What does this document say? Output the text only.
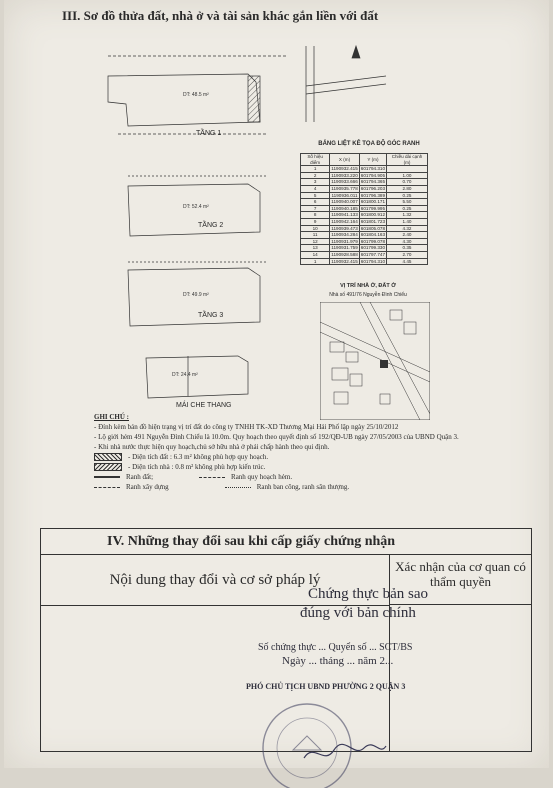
III. Sơ đồ thửa đất, nhà ở và tài sản khác gắn liền với đất
DT: 48.5 m²
DT: 52.4 m²
DT: 49.9 m²
DT: 24.4 m²
TẦNG 1
TẦNG 2
TẦNG 3
MÁI CHE THANG
BẢNG LIỆT KÊ TỌA ĐỘ GÓC RANH
Số hiệu điểm	X (m)	Y (m)	Chiều dài cạnh (m)
1	1190932.415	601794.310	
2	1190933.220	601794.905	1.00
3	1190933.666	601794.365	0.70
4	1190935.778	601796.203	2.80
5	1190936.011	601796.389	0.25
6	1190940.007	601800.171	5.50
7	1190940.185	601799.995	0.25
8	1190941.133	601800.912	1.32
9	1190942.164	601801.723	1.40
10	1190939.473	601805.078	4.32
11	1190934.284	601804.163	2.40
12	1190931.979	601799.078	4.30
13	1190931.759	601799.330	0.35
14	1190928.588	601797.747	2.70
1	1190932.415	601794.310	4.45
VỊ TRÍ NHÀ Ở, ĐẤT Ở
Nhà số 491/76 Nguyễn Đình Chiểu
GHI CHÚ :
- Đính kèm bản đồ hiện trạng vị trí đất do công ty TNHH TK-XD Thương Mại Hải Phố lập ngày 25/10/2012
- Lộ giới hẻm 491 Nguyễn Đình Chiểu là 10.0m. Quy hoạch theo quyết định số 192/QĐ-UB ngày 27/05/2003 của UBND Quận 3.
- Khi nhà nước thực hiện quy hoạch,chủ sở hữu nhà ở phải chấp hành theo qui định.
- Diện tích đất : 6.3 m² không phù hợp quy hoạch.
- Diện tích nhà : 0.8 m² không phù hợp kiến trúc.
Ranh đất;	Ranh quy hoạch hẻm.
Ranh xây dựng	Ranh ban công, ranh sân thượng.
IV. Những thay đổi sau khi cấp giấy chứng nhận
Nội dung thay đổi và cơ sở pháp lý
Xác nhận của cơ quan có thẩm quyền
Chứng thực bản sao
đúng với bản chính
Số chứng thực ... Quyển số ... SCT/BS
Ngày ... tháng ... năm 2...
PHÓ CHỦ TỊCH UBND PHƯỜNG 2 QUẬN 3
